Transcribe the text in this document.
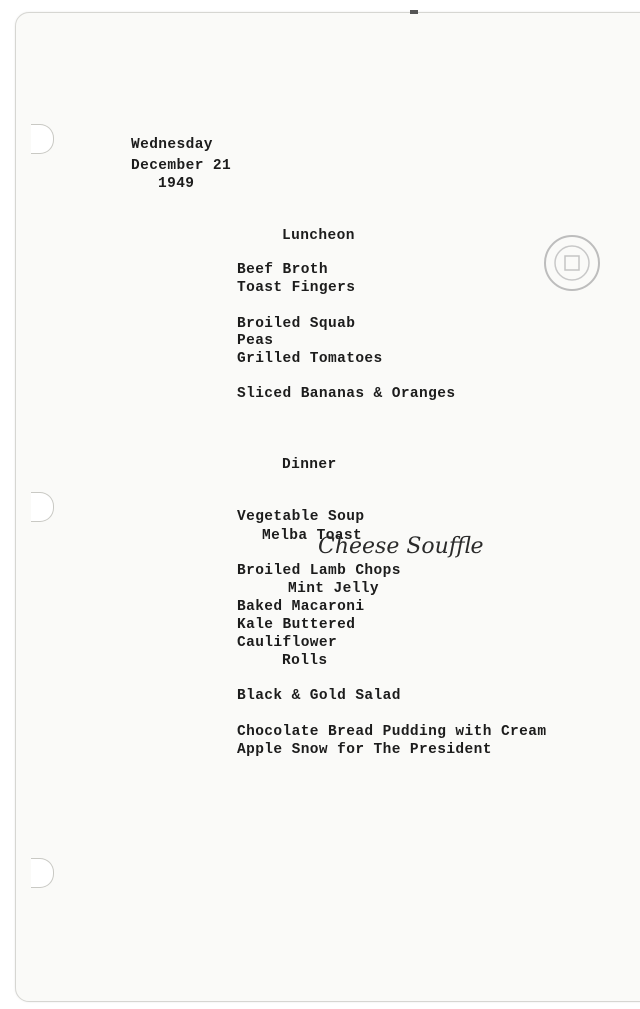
Wednesday
December 21
1949
Luncheon
Beef Broth
Toast Fingers
Broiled Squab
Peas
Grilled Tomatoes
Sliced Bananas & Oranges
Dinner
Vegetable Soup
Melba Toast
Cheese Souffle
Broiled Lamb Chops
Mint Jelly
Baked Macaroni
Kale Buttered
Cauliflower
Rolls
Black & Gold Salad
Chocolate Bread Pudding with Cream
Apple Snow for The President
